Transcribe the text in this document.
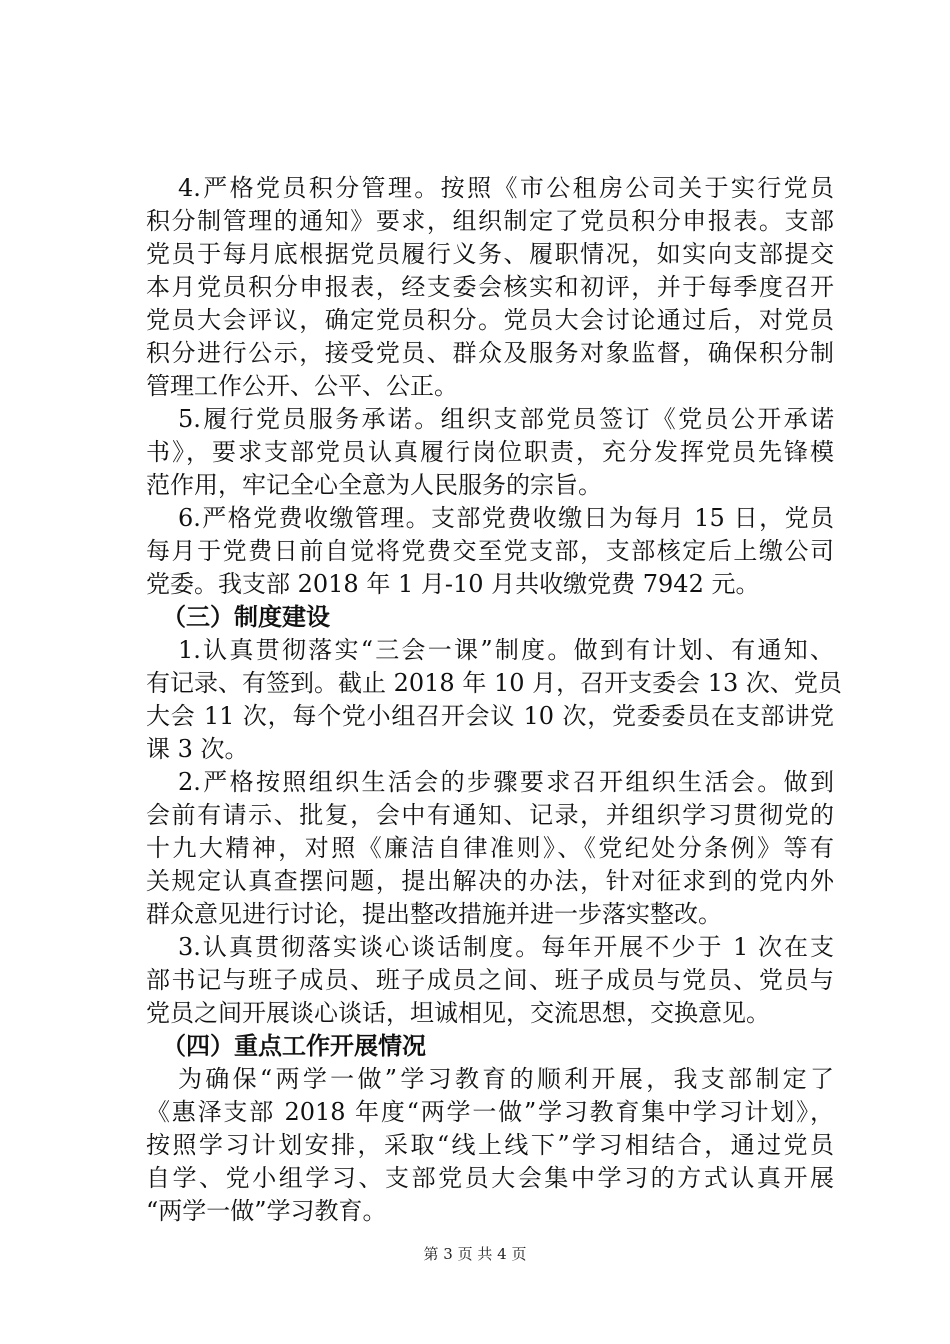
4.严格党员积分管理。按照《市公租房公司关于实行党员
积分制管理的通知》要求，组织制定了党员积分申报表。支部
党员于每月底根据党员履行义务、履职情况，如实向支部提交
本月党员积分申报表，经支委会核实和初评，并于每季度召开
党员大会评议，确定党员积分。党员大会讨论通过后，对党员
积分进行公示，接受党员、群众及服务对象监督，确保积分制
管理工作公开、公平、公正。
5.履行党员服务承诺。组织支部党员签订《党员公开承诺
书》，要求支部党员认真履行岗位职责，充分发挥党员先锋模
范作用，牢记全心全意为人民服务的宗旨。
6.严格党费收缴管理。支部党费收缴日为每月 15 日，党员
每月于党费日前自觉将党费交至党支部，支部核定后上缴公司
党委。我支部 2018 年 1 月-10 月共收缴党费 7942 元。
（三）制度建设
1.认真贯彻落实“三会一课”制度。做到有计划、有通知、
有记录、有签到。截止 2018 年 10 月，召开支委会 13 次、党员
大会 11 次，每个党小组召开会议 10 次，党委委员在支部讲党
课 3 次。
2.严格按照组织生活会的步骤要求召开组织生活会。做到
会前有请示、批复，会中有通知、记录，并组织学习贯彻党的
十九大精神，对照《廉洁自律准则》、《党纪处分条例》等有
关规定认真查摆问题，提出解决的办法，针对征求到的党内外
群众意见进行讨论，提出整改措施并进一步落实整改。
3.认真贯彻落实谈心谈话制度。每年开展不少于 1 次在支
部书记与班子成员、班子成员之间、班子成员与党员、党员与
党员之间开展谈心谈话，坦诚相见，交流思想，交换意见。
（四）重点工作开展情况
为确保“两学一做”学习教育的顺利开展，我支部制定了
《惠泽支部 2018 年度“两学一做”学习教育集中学习计划》，
按照学习计划安排，采取“线上线下”学习相结合，通过党员
自学、党小组学习、支部党员大会集中学习的方式认真开展
“两学一做”学习教育。
第 3 页 共 4 页
